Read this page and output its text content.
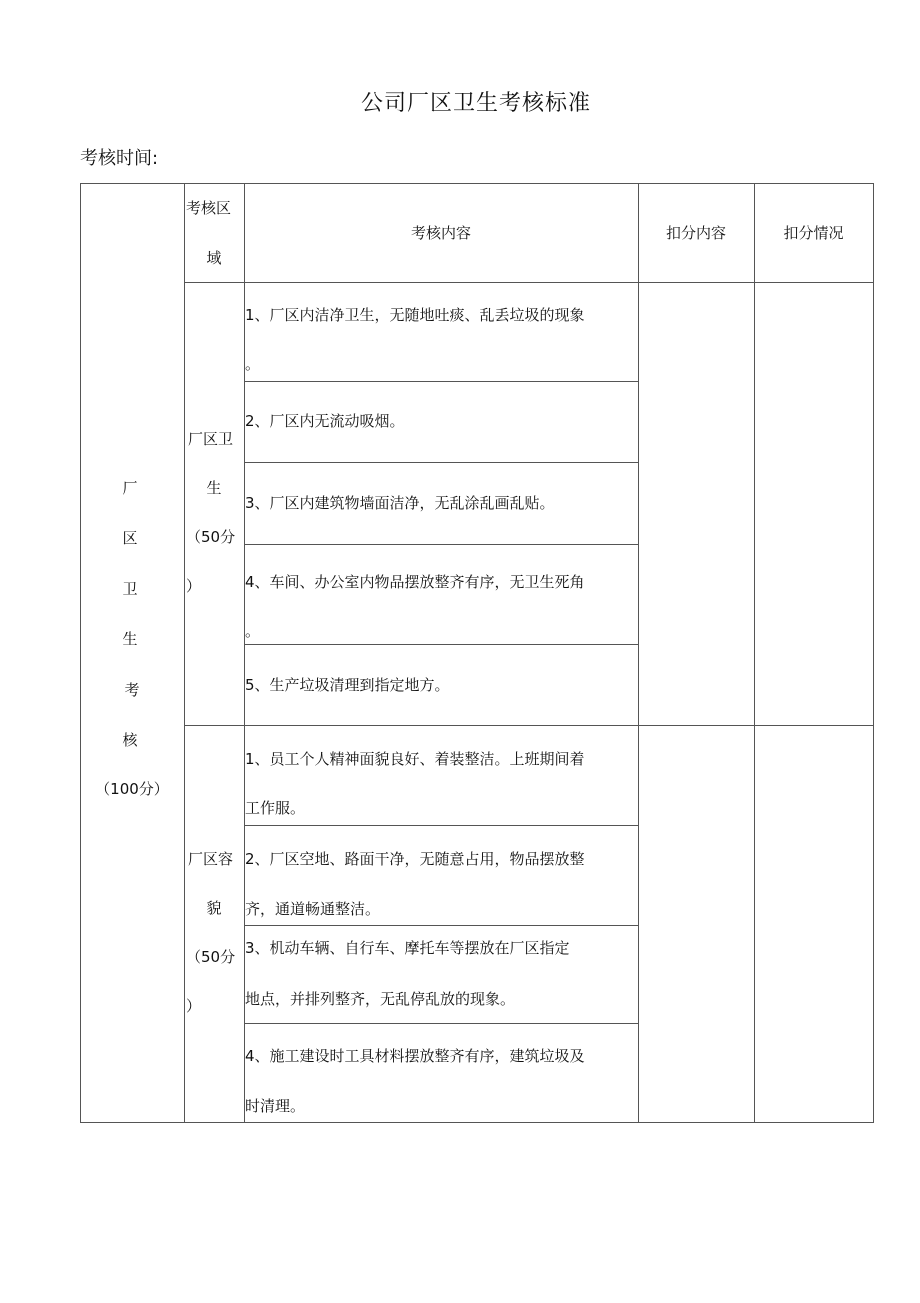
公司厂区卫生考核标准
考核时间:
考核区
域
考核内容	扣分内容	扣分情况
厂
区
卫
生
考
核
（100分）
厂区卫
生
（50分
）
1、厂区内洁净卫生，无随地吐痰、乱丢垃圾的现象
。
2、厂区内无流动吸烟。
3、厂区内建筑物墙面洁净，无乱涂乱画乱贴。
4、车间、办公室内物品摆放整齐有序，无卫生死角
。
5、生产垃圾清理到指定地方。
厂区容
貌
（50分
）
1、员工个人精神面貌良好、着装整洁。上班期间着
工作服。
2、厂区空地、路面干净，无随意占用，物品摆放整
齐，通道畅通整洁。
3、机动车辆、自行车、摩托车等摆放在厂区指定
地点，并排列整齐，无乱停乱放的现象。
4、施工建设时工具材料摆放整齐有序，建筑垃圾及
时清理。
